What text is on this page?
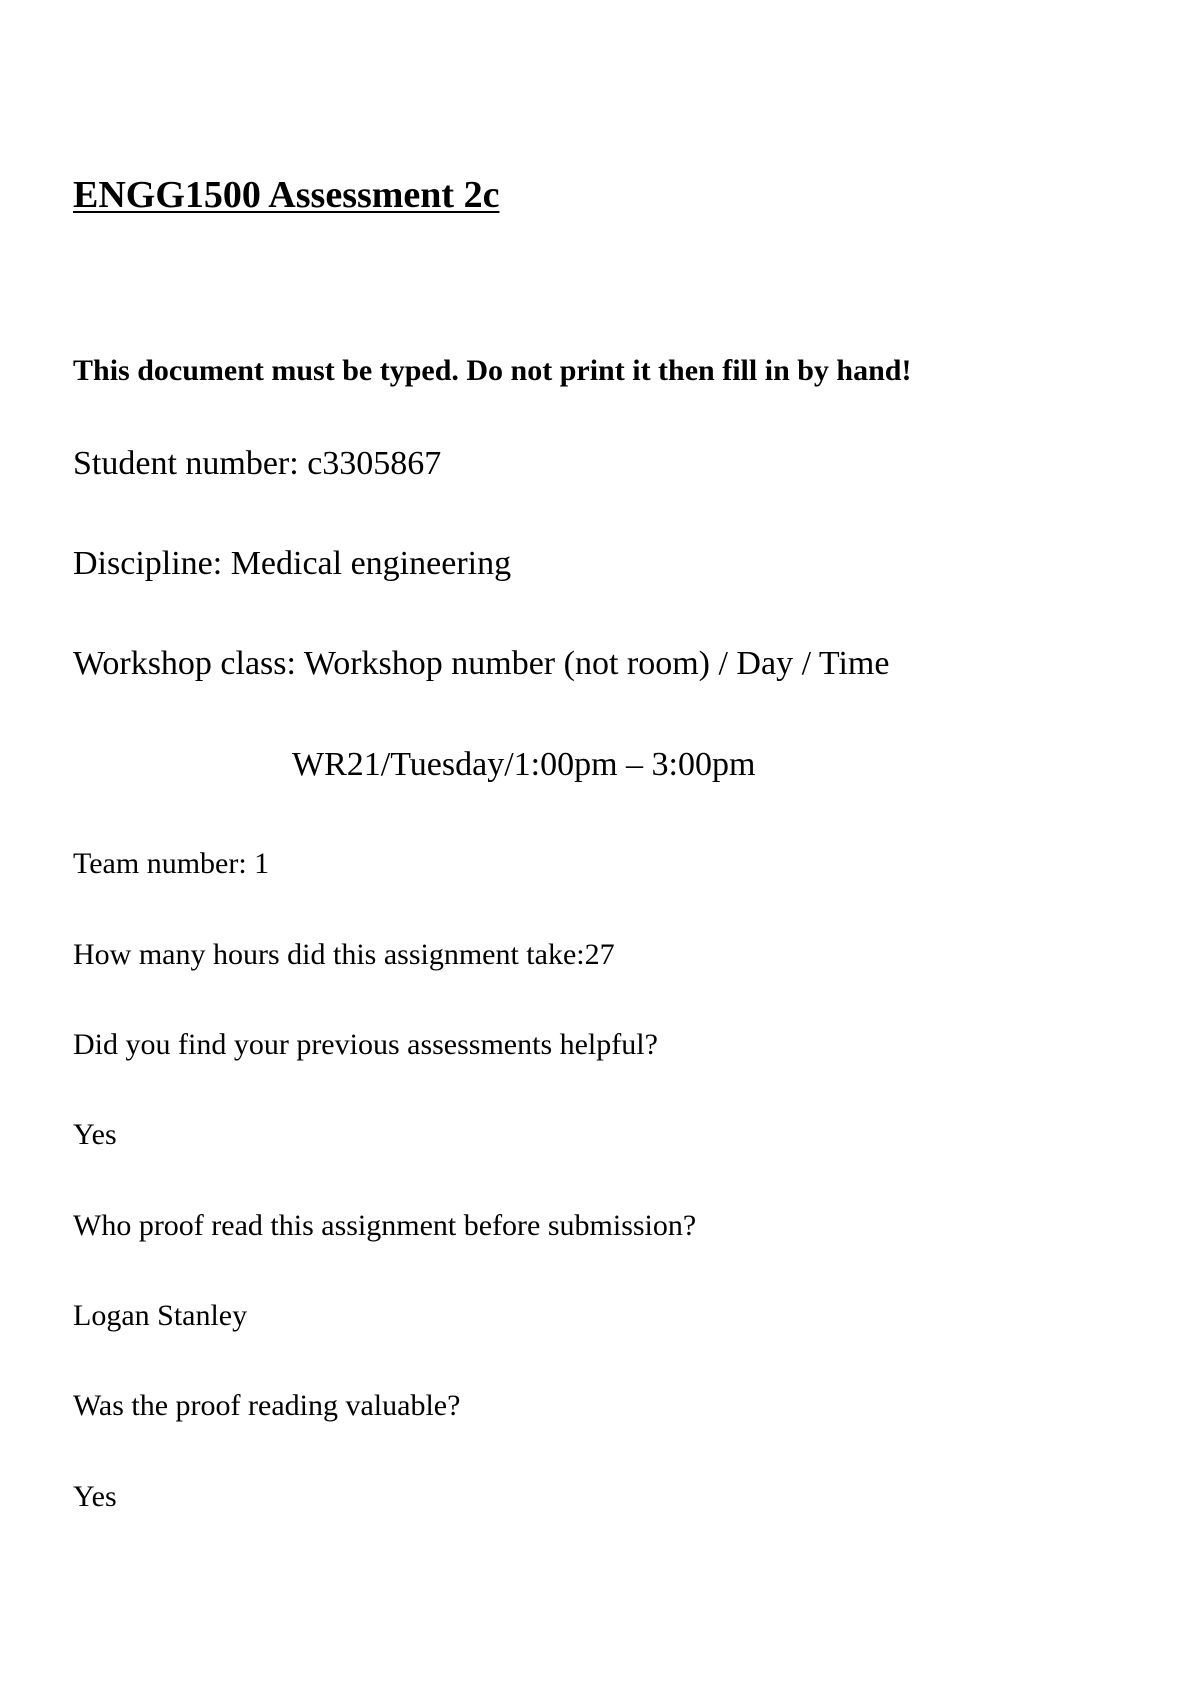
ENGG1500 Assessment 2c
This document must be typed. Do not print it then fill in by hand!
Student number: c3305867
Discipline: Medical engineering
Workshop class: Workshop number (not room) / Day / Time
WR21/Tuesday/1:00pm – 3:00pm
Team number: 1
How many hours did this assignment take:27
Did you find your previous assessments helpful?
Yes
Who proof read this assignment before submission?
Logan Stanley
Was the proof reading valuable?
Yes
